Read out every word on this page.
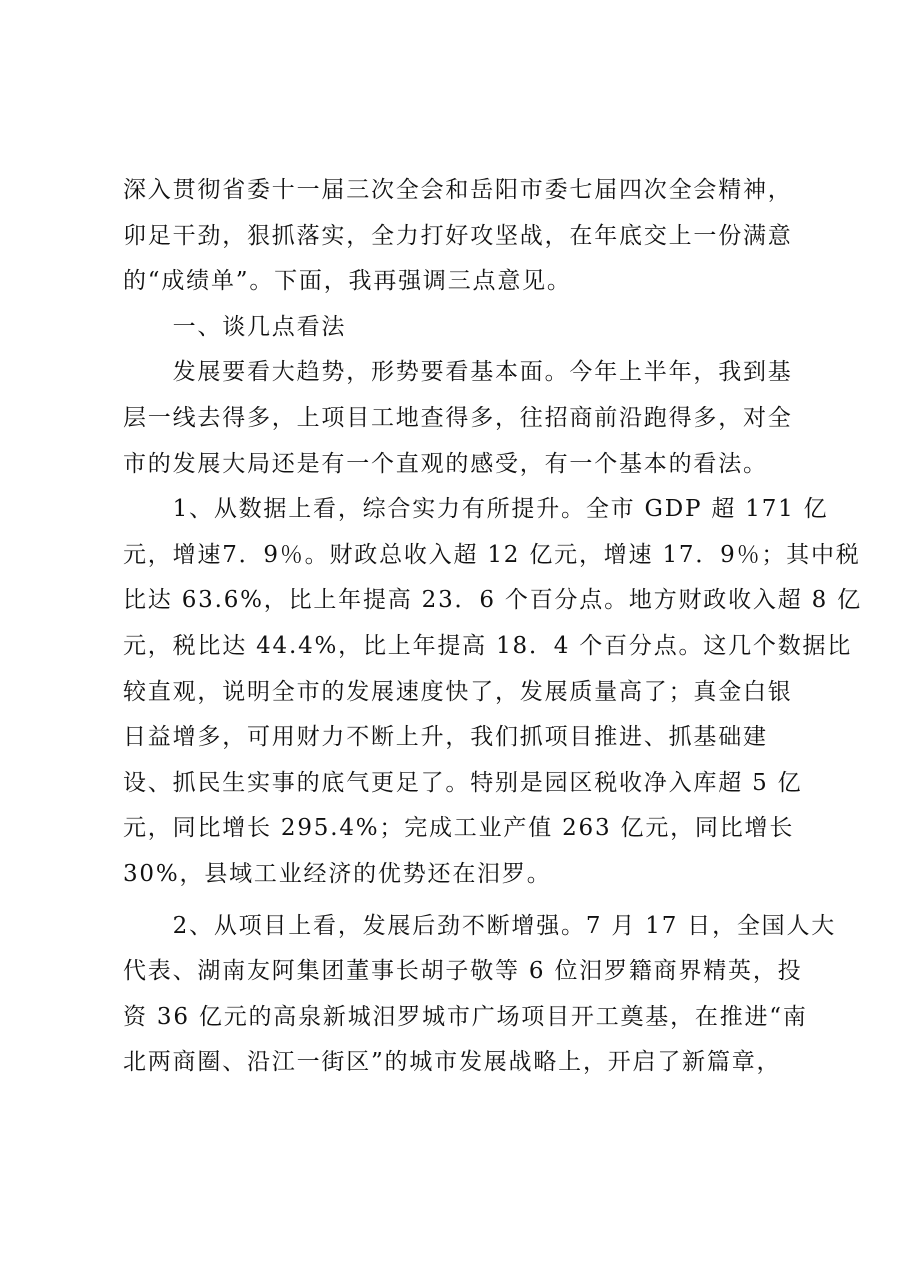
深入贯彻省委十一届三次全会和岳阳市委七届四次全会精神，
卯足干劲，狠抓落实，全力打好攻坚战，在年底交上一份满意
的“成绩单”。下面，我再强调三点意见。
　　一、谈几点看法
　　发展要看大趋势，形势要看基本面。今年上半年，我到基
层一线去得多，上项目工地查得多，往招商前沿跑得多，对全
市的发展大局还是有一个直观的感受，有一个基本的看法。
　　1、从数据上看，综合实力有所提升。全市 GDP 超 171 亿
元，增速7．9％。财政总收入超 12 亿元，增速 17．9％；其中税
比达 63.6%，比上年提高 23．6 个百分点。地方财政收入超 8 亿
元，税比达 44.4%，比上年提高 18．4 个百分点。这几个数据比
较直观，说明全市的发展速度快了，发展质量高了；真金白银
日益增多，可用财力不断上升，我们抓项目推进、抓基础建
设、抓民生实事的底气更足了。特别是园区税收净入库超 5 亿
元，同比增长 295.4%；完成工业产值 263 亿元，同比增长
30%，县域工业经济的优势还在汨罗。
　　2、从项目上看，发展后劲不断增强。7 月 17 日，全国人大
代表、湖南友阿集团董事长胡子敬等 6 位汨罗籍商界精英，投
资 36 亿元的高泉新城汨罗城市广场项目开工奠基，在推进“南
北两商圈、沿江一街区”的城市发展战略上，开启了新篇章，
